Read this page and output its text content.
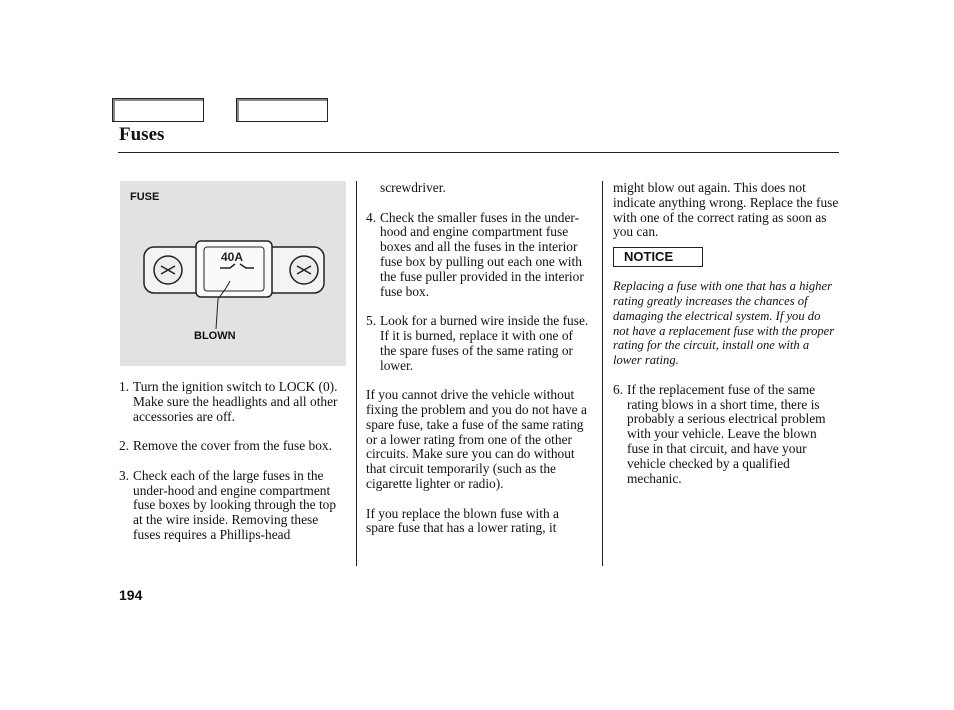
Fuses
FUSE
40A
BLOWN
1. Turn the ignition switch to LOCK (0). Make sure the headlights and all other accessories are off.
2. Remove the cover from the fuse box.
3. Check each of the large fuses in the under-hood and engine compartment fuse boxes by looking through the top at the wire inside. Removing these fuses requires a Phillips-head

screwdriver.

4. Check the smaller fuses in the under-hood and engine compartment fuse boxes and all the fuses in the interior fuse box by pulling out each one with the fuse puller provided in the interior fuse box.
5. Look for a burned wire inside the fuse. If it is burned, replace it with one of the spare fuses of the same rating or lower.

If you cannot drive the vehicle without fixing the problem and you do not have a spare fuse, take a fuse of the same rating or a lower rating from one of the other circuits. Make sure you can do without that circuit temporarily (such as the cigarette lighter or radio).

If you replace the blown fuse with a spare fuse that has a lower rating, it

might blow out again. This does not indicate anything wrong. Replace the fuse with one of the correct rating as soon as you can.

NOTICE

Replacing a fuse with one that has a higher rating greatly increases the chances of damaging the electrical system. If you do not have a replacement fuse with the proper rating for the circuit, install one with a lower rating.

6. If the replacement fuse of the same rating blows in a short time, there is probably a serious electrical problem with your vehicle. Leave the blown fuse in that circuit, and have your vehicle checked by a qualified mechanic.
194
